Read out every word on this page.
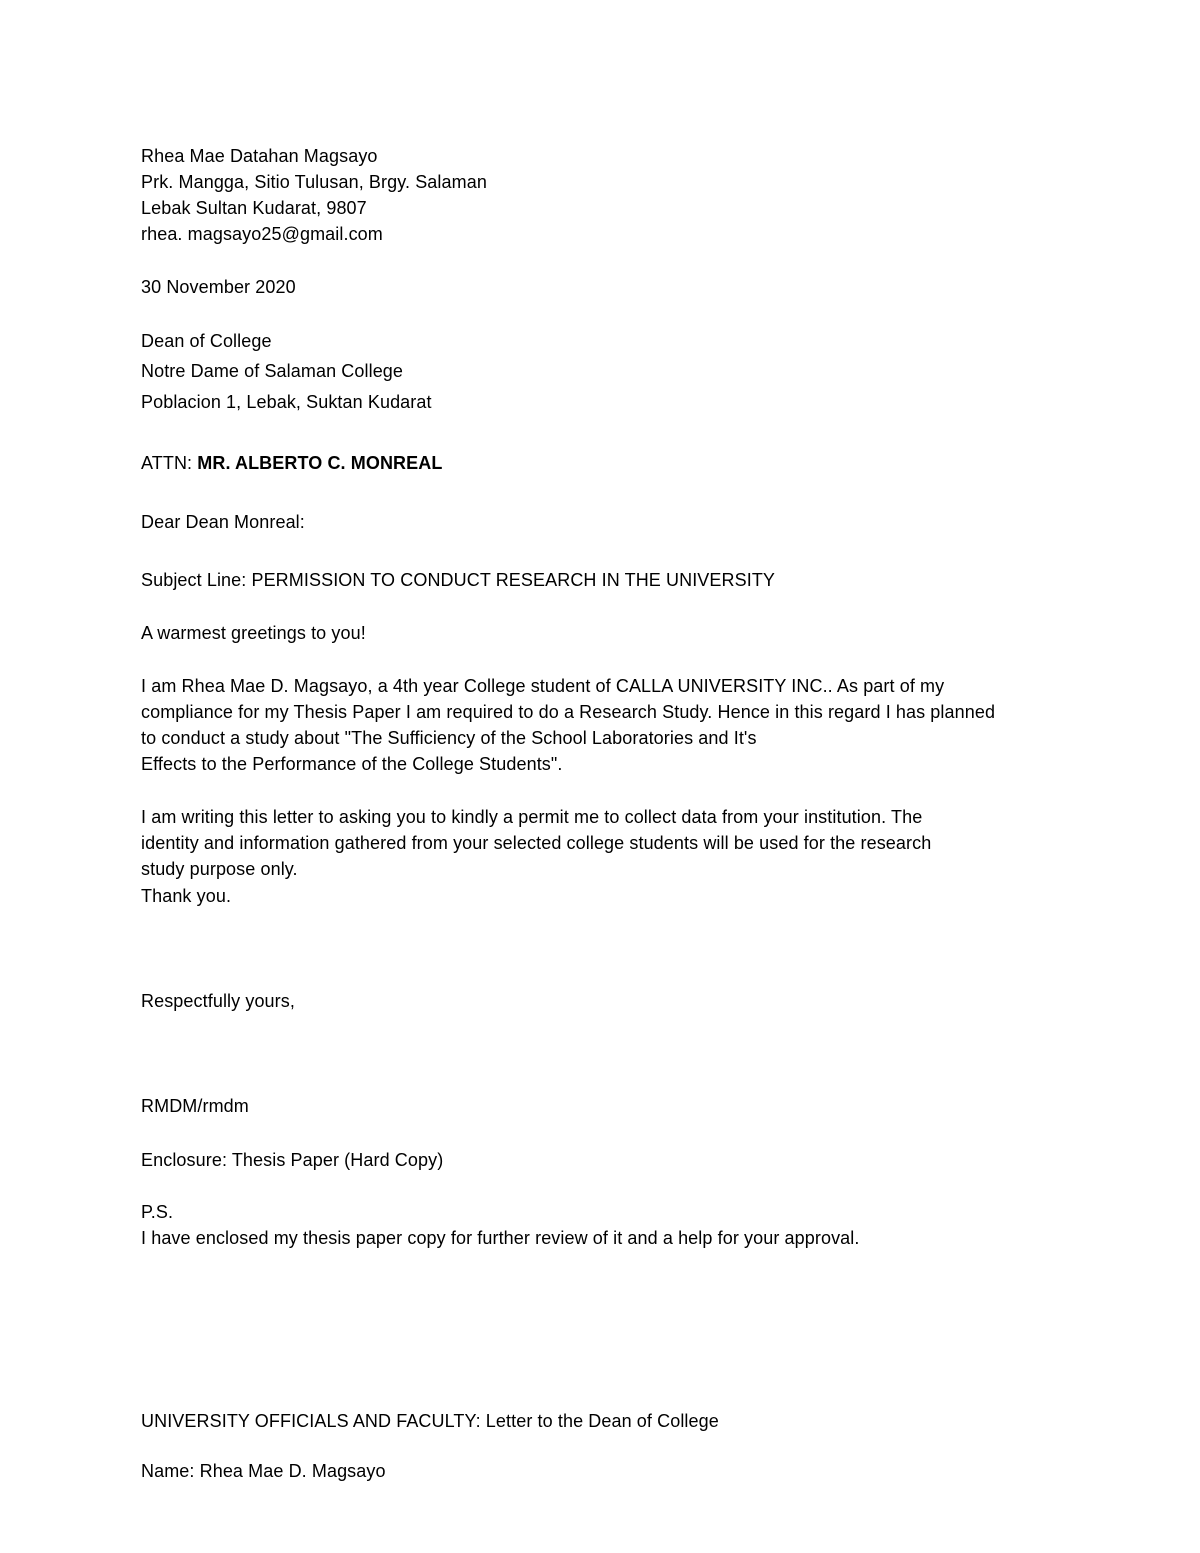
Rhea Mae Datahan Magsayo
Prk. Mangga, Sitio Tulusan, Brgy. Salaman
Lebak Sultan Kudarat, 9807
rhea. magsayo25@gmail.com
30 November 2020
Dean of College
Notre Dame of Salaman College
Poblacion 1, Lebak, Suktan Kudarat
ATTN: MR. ALBERTO C. MONREAL
Dear Dean Monreal:
Subject Line: PERMISSION TO CONDUCT RESEARCH IN THE UNIVERSITY
A warmest greetings to you!
I am Rhea Mae D. Magsayo, a 4th year College student of CALLA UNIVERSITY INC.. As part of my
compliance for my Thesis Paper I am required to do a Research Study. Hence in this regard I has planned
to conduct a study about "The Sufficiency of the School Laboratories and It's
Effects to the Performance of the College Students".
I am writing this letter to asking you to kindly a permit me to collect data from your institution. The
identity and information gathered from your selected college students will be used for the research
study purpose only.
Thank you.
Respectfully yours,
RMDM/rmdm
Enclosure: Thesis Paper (Hard Copy)
P.S.
I have enclosed my thesis paper copy for further review of it and a help for your approval.
UNIVERSITY OFFICIALS AND FACULTY: Letter to the Dean of College
Name: Rhea Mae D. Magsayo
